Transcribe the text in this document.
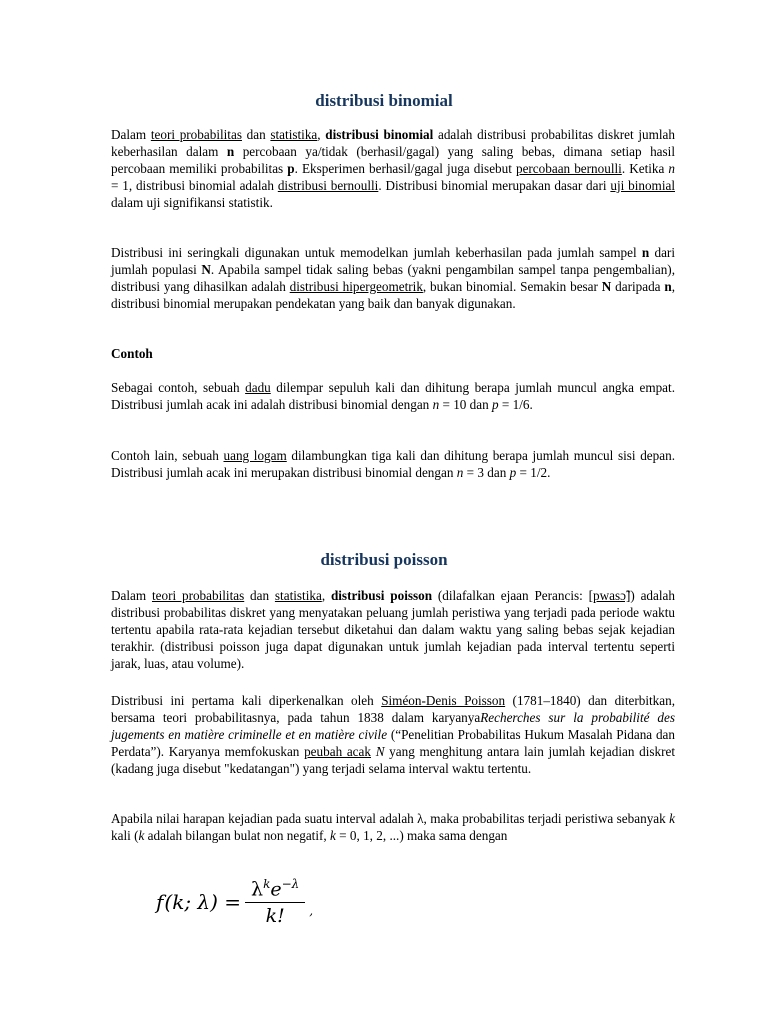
distribusi binomial

Dalam teori probabilitas dan statistika, distribusi binomial adalah distribusi probabilitas diskret jumlah keberhasilan dalam n percobaan ya/tidak (berhasil/gagal) yang saling bebas, dimana setiap hasil percobaan memiliki probabilitas p. Eksperimen berhasil/gagal juga disebut percobaan bernoulli. Ketika n = 1, distribusi binomial adalah distribusi bernoulli. Distribusi binomial merupakan dasar dari uji binomial dalam uji signifikansi statistik.

Distribusi ini seringkali digunakan untuk memodelkan jumlah keberhasilan pada jumlah sampel n dari jumlah populasi N. Apabila sampel tidak saling bebas (yakni pengambilan sampel tanpa pengembalian), distribusi yang dihasilkan adalah distribusi hipergeometrik, bukan binomial. Semakin besar N daripada n, distribusi binomial merupakan pendekatan yang baik dan banyak digunakan.

Contoh

Sebagai contoh, sebuah dadu dilempar sepuluh kali dan dihitung berapa jumlah muncul angka empat. Distribusi jumlah acak ini adalah distribusi binomial dengan n = 10 dan p = 1/6.

Contoh lain, sebuah uang logam dilambungkan tiga kali dan dihitung berapa jumlah muncul sisi depan. Distribusi jumlah acak ini merupakan distribusi binomial dengan n = 3 dan p = 1/2.

distribusi poisson

Dalam teori probabilitas dan statistika, distribusi poisson (dilafalkan ejaan Perancis: [pwasɔ̃]) adalah distribusi probabilitas diskret yang menyatakan peluang jumlah peristiwa yang terjadi pada periode waktu tertentu apabila rata-rata kejadian tersebut diketahui dan dalam waktu yang saling bebas sejak kejadian terakhir. (distribusi poisson juga dapat digunakan untuk jumlah kejadian pada interval tertentu seperti jarak, luas, atau volume).

Distribusi ini pertama kali diperkenalkan oleh Siméon-Denis Poisson (1781–1840) dan diterbitkan, bersama teori probabilitasnya, pada tahun 1838 dalam karyanyaRecherches sur la probabilité des jugements en matière criminelle et en matière civile (“Penelitian Probabilitas Hukum Masalah Pidana dan Perdata”). Karyanya memfokuskan peubah acak N yang menghitung antara lain jumlah kejadian diskret (kadang juga disebut "kedatangan") yang terjadi selama interval waktu tertentu.

Apabila nilai harapan kejadian pada suatu interval adalah λ, maka probabilitas terjadi peristiwa sebanyak k kali (k adalah bilangan bulat non negatif, k = 0, 1, 2, ...) maka sama dengan

f (k; $\lambda) = \frac{\lambda^ke^{-\lambda}}{k!}$ ,
